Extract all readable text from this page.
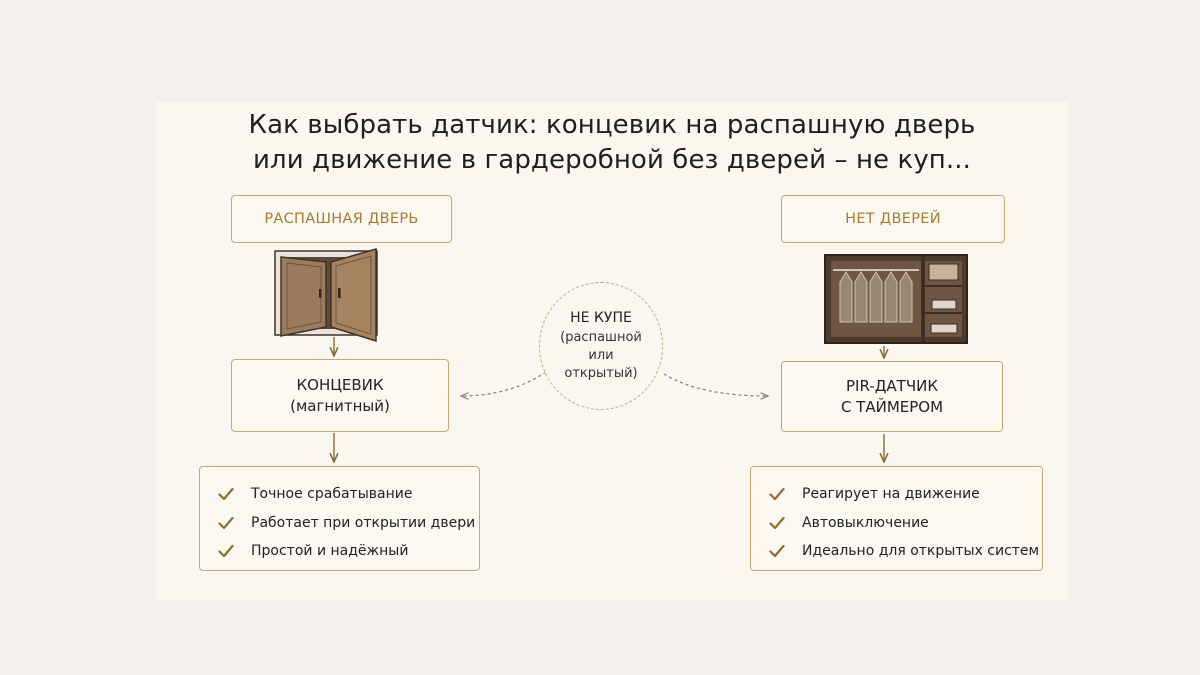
Как выбрать датчик: концевик на распашную дверь
или движение в гардеробной без дверей – не куп...
РАСПАШНАЯ ДВЕРЬ
КОНЦЕВИК
(магнитный)
Точное срабатывание
Работает при открытии двери
Простой и надёжный
НЕ КУПЕ
(распашной
или
открытый)
НЕТ ДВЕРЕЙ
PIR-ДАТЧИК
С ТАЙМЕРОМ
Реагирует на движение
Автовыключение
Идеально для открытых систем
